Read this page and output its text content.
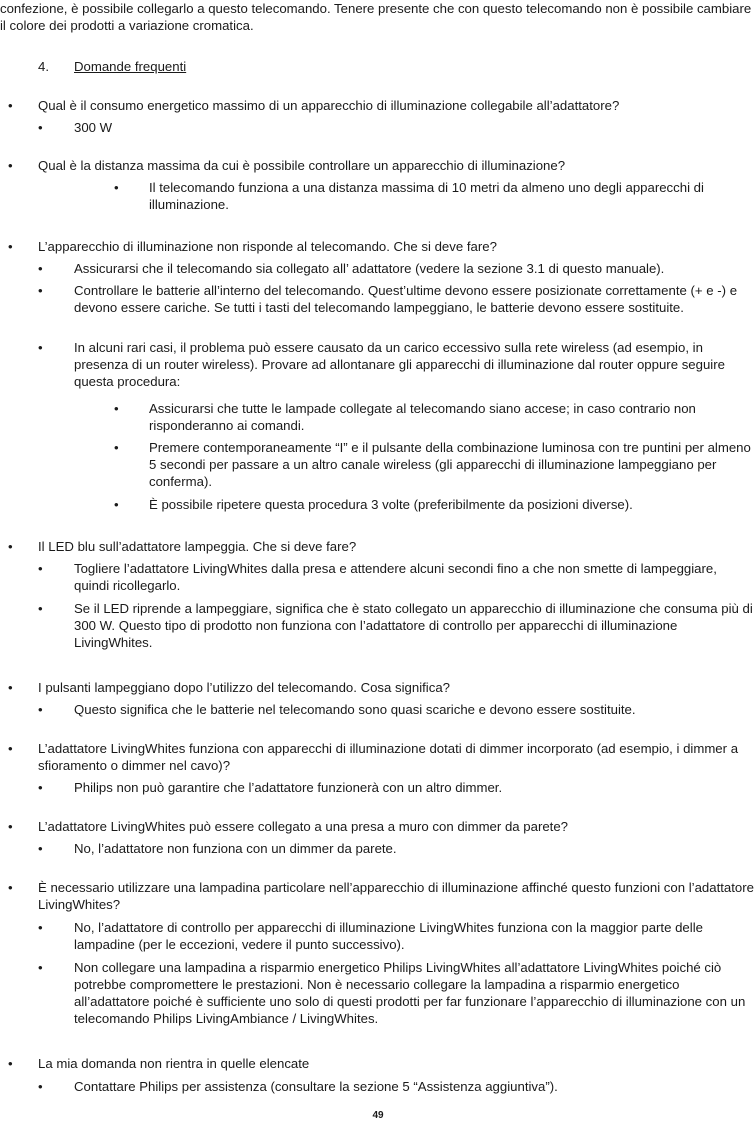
confezione, è possibile collegarlo a questo telecomando. Tenere presente che con questo telecomando non è possibile cambiare il colore dei prodotti a variazione cromatica.
4. Domande frequenti
• Qual è il consumo energetico massimo di un apparecchio di illuminazione collegabile all’adattatore?
• 300 W
• Qual è la distanza massima da cui è possibile controllare un apparecchio di illuminazione?
• Il telecomando funziona a una distanza massima di 10 metri da almeno uno degli apparecchi di illuminazione.
• L’apparecchio di illuminazione non risponde al telecomando. Che si deve fare?
• Assicurarsi che il telecomando sia collegato all’ adattatore (vedere la sezione 3.1 di questo manuale).
• Controllare le batterie all’interno del telecomando. Quest’ultime devono essere posizionate correttamente (+ e -) e devono essere cariche. Se tutti i tasti del telecomando lampeggiano, le batterie devono essere sostituite.
• In alcuni rari casi, il problema può essere causato da un carico eccessivo sulla rete wireless (ad esempio, in presenza di un router wireless). Provare ad allontanare gli apparecchi di illuminazione dal router oppure seguire questa procedura:
• Assicurarsi che tutte le lampade collegate al telecomando siano accese; in caso contrario non risponderanno ai comandi.
• Premere contemporaneamente “I” e il pulsante della combinazione luminosa con tre puntini per almeno 5 secondi per passare a un altro canale wireless (gli apparecchi di illuminazione lampeggiano per conferma).
• È possibile ripetere questa procedura 3 volte (preferibilmente da posizioni diverse).
• Il LED blu sull’adattatore lampeggia. Che si deve fare?
• Togliere l’adattatore LivingWhites dalla presa e attendere alcuni secondi fino a che non smette di lampeggiare, quindi ricollegarlo.
• Se il LED riprende a lampeggiare, significa che è stato collegato un apparecchio di illuminazione che consuma più di 300 W. Questo tipo di prodotto non funziona con l’adattatore di controllo per apparecchi di illuminazione LivingWhites.
• I pulsanti lampeggiano dopo l’utilizzo del telecomando. Cosa significa?
• Questo significa che le batterie nel telecomando sono quasi scariche e devono essere sostituite.
• L’adattatore LivingWhites funziona con apparecchi di illuminazione dotati di dimmer incorporato (ad esempio, i dimmer a sfioramento o dimmer nel cavo)?
• Philips non può garantire che l’adattatore funzionerà con un altro dimmer.
• L’adattatore LivingWhites può essere collegato a una presa a muro con dimmer da parete?
• No, l’adattatore non funziona con un dimmer da parete.
• È necessario utilizzare una lampadina particolare nell’apparecchio di illuminazione affinché questo funzioni con l’adattatore LivingWhites?
• No, l’adattatore di controllo per apparecchi di illuminazione LivingWhites funziona con la maggior parte delle lampadine (per le eccezioni, vedere il punto successivo).
• Non collegare una lampadina a risparmio energetico Philips LivingWhites all’adattatore LivingWhites poiché ciò potrebbe compromettere le prestazioni. Non è necessario collegare la lampadina a risparmio energetico all’adattatore poiché è sufficiente uno solo di questi prodotti per far funzionare l’apparecchio di illuminazione con un telecomando Philips LivingAmbiance / LivingWhites.
• La mia domanda non rientra in quelle elencate
• Contattare Philips per assistenza (consultare la sezione 5 “Assistenza aggiuntiva”).
49
